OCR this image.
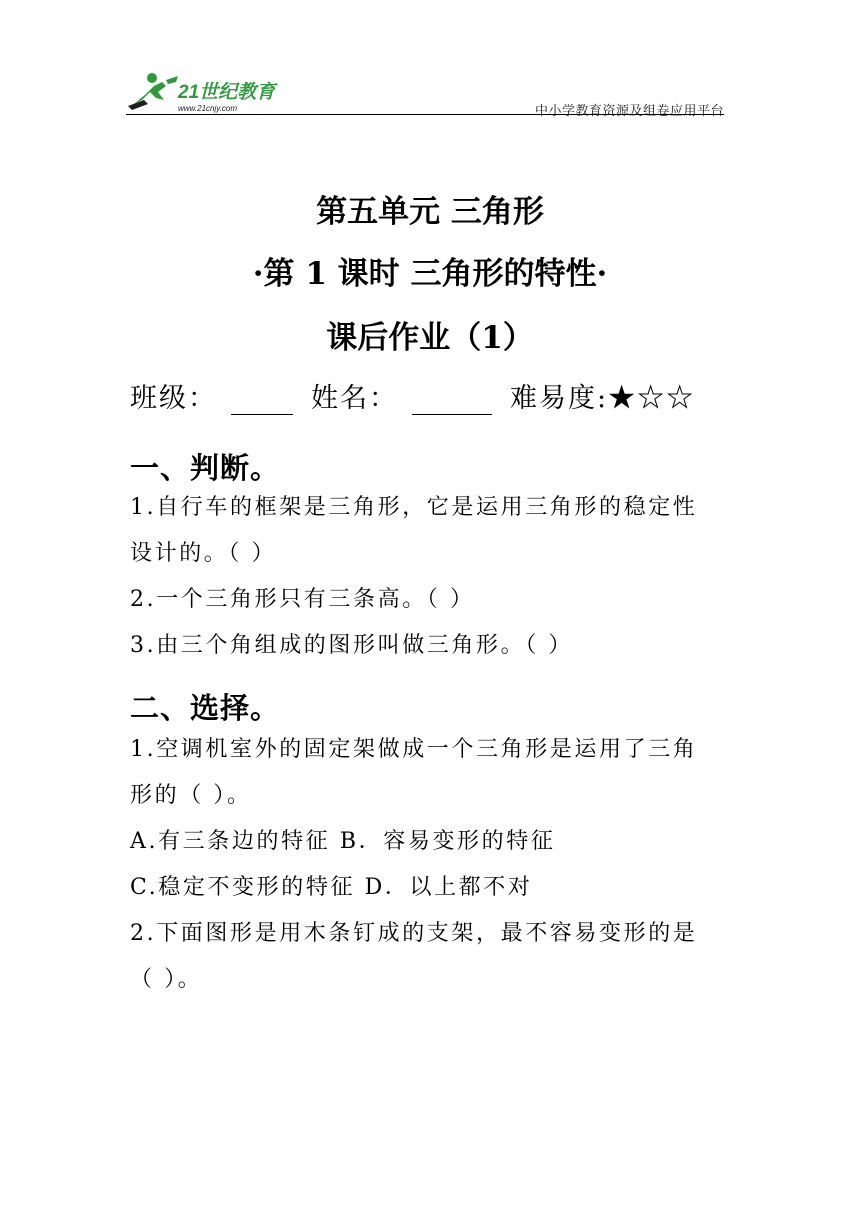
21世纪教育
www.21cnjy.com	中小学教育资源及组卷应用平台
第五单元 三角形
·第 1 课时 三角形的特性·
课后作业（1）
班级：	姓名：	难易度:★☆☆
一、判断。
1.自行车的框架是三角形，它是运用三角形的稳定性
设计的。（ ）
2.一个三角形只有三条高。（ ）
3.由三个角组成的图形叫做三角形。（ ）
二、选择。
1.空调机室外的固定架做成一个三角形是运用了三角
形的（ ）。
A.有三条边的特征 B．容易变形的特征
C.稳定不变形的特征 D．以上都不对
2.下面图形是用木条钉成的支架，最不容易变形的是
（ ）。
